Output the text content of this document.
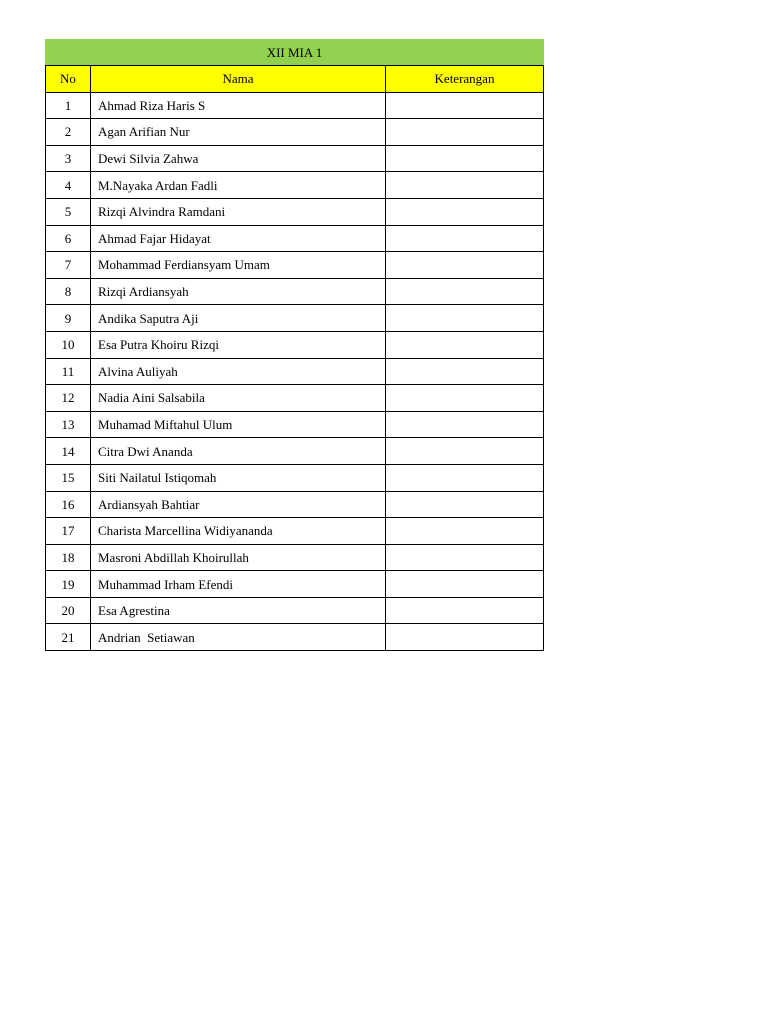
XII MIA 1		
No	Nama	Keterangan
1	Ahmad Riza Haris S	
2	Agan Arifian Nur	
3	Dewi Silvia Zahwa	
4	M.Nayaka Ardan Fadli	
5	Rizqi Alvindra Ramdani	
6	Ahmad Fajar Hidayat	
7	Mohammad Ferdiansyam Umam	
8	Rizqi Ardiansyah	
9	Andika Saputra Aji	
10	Esa Putra Khoiru Rizqi	
11	Alvina Auliyah	
12	Nadia Aini Salsabila	
13	Muhamad Miftahul Ulum	
14	Citra Dwi Ananda	
15	Siti Nailatul Istiqomah	
16	Ardiansyah Bahtiar	
17	Charista Marcellina Widiyananda	
18	Masroni Abdillah Khoirullah	
19	Muhammad Irham Efendi	
20	Esa Agrestina	
21	Andrian  Setiawan	
